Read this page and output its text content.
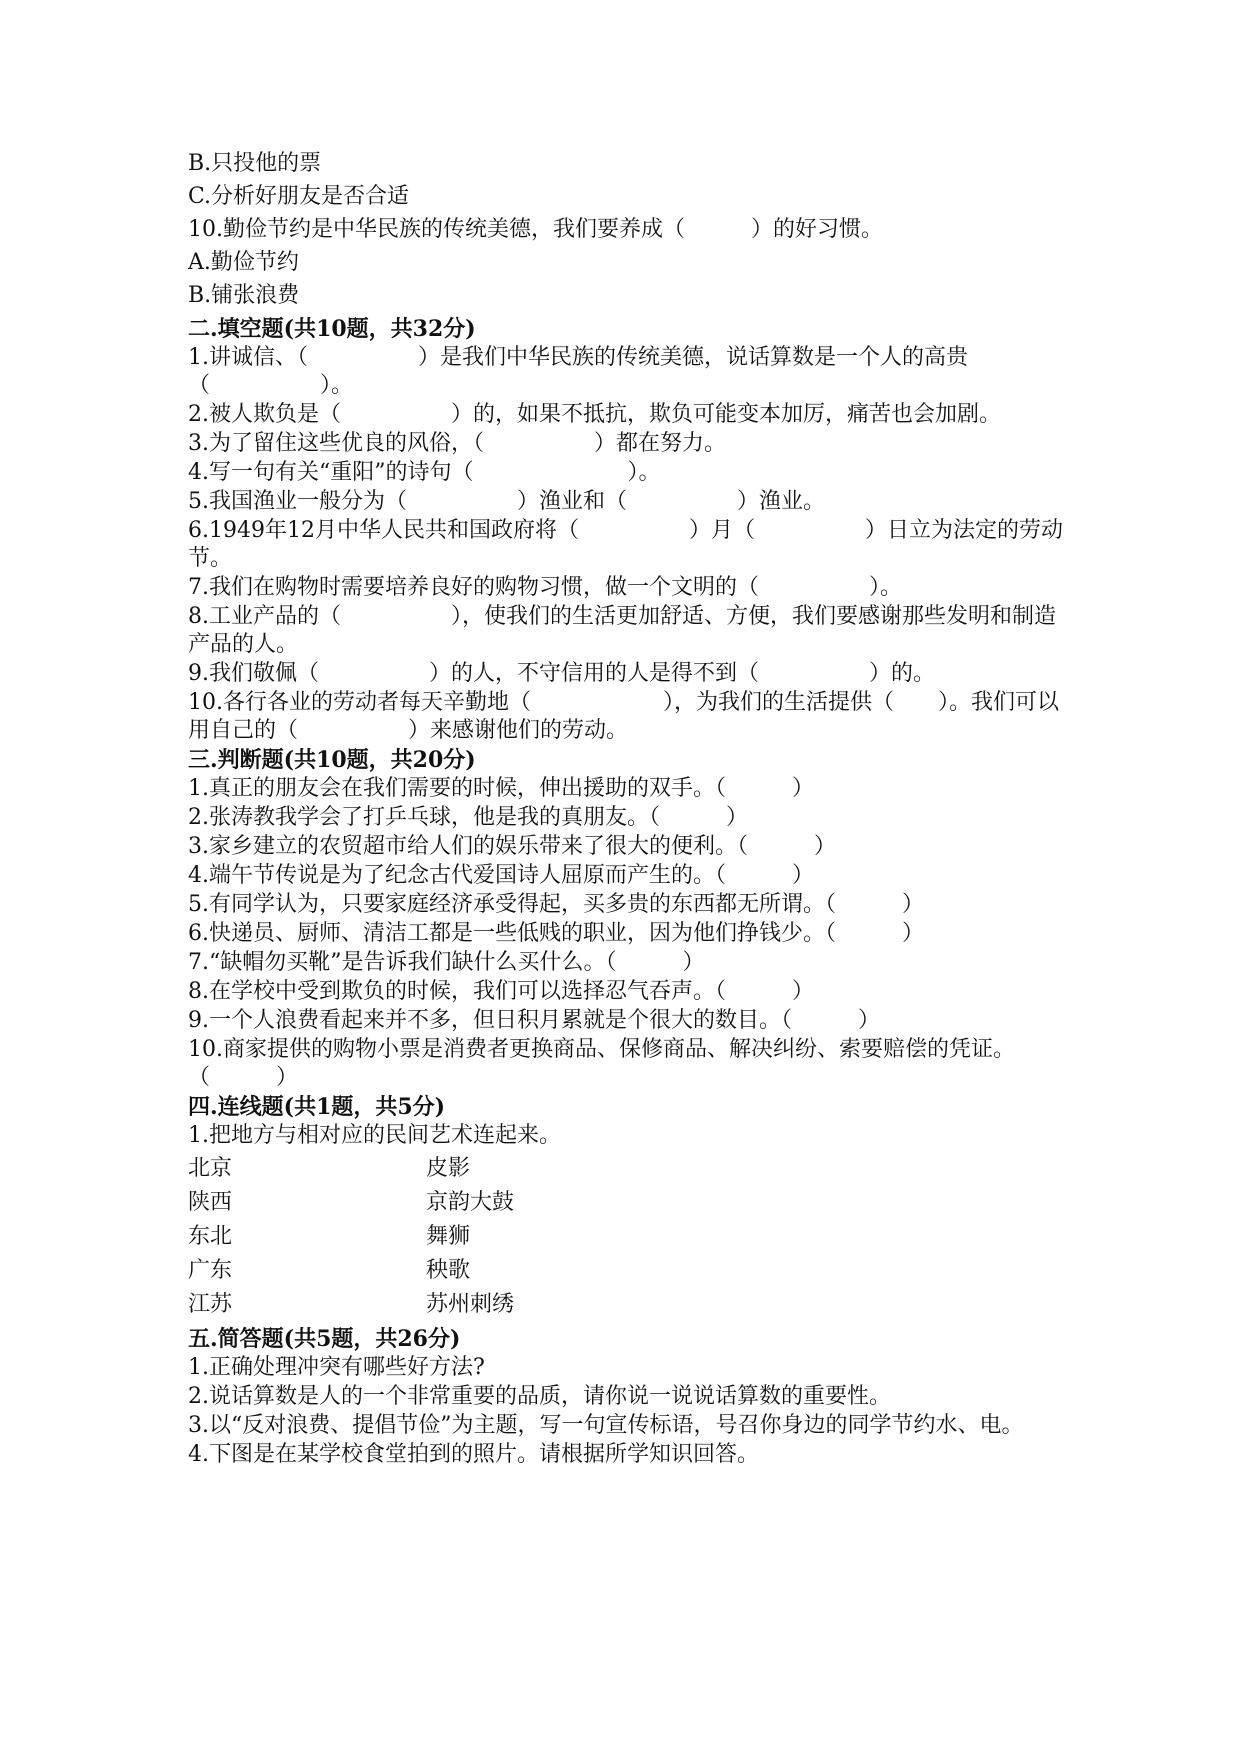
B.只投他的票
C.分析好朋友是否合适
10.勤俭节约是中华民族的传统美德，我们要养成（　　　）的好习惯。
A.勤俭节约
B.铺张浪费
二.填空题(共10题，共32分)
1.讲诚信、（　　　　　）是我们中华民族的传统美德，说话算数是一个人的高贵（　　　　　）。
2.被人欺负是（　　　　　）的，如果不抵抗，欺负可能变本加厉，痛苦也会加剧。
3.为了留住这些优良的风俗，（　　　　　）都在努力。
4.写一句有关“重阳”的诗句（　　　　　　　）。
5.我国渔业一般分为（　　　　　）渔业和（　　　　　）渔业。
6.1949年12月中华人民共和国政府将（　　　　　）月（　　　　　）日立为法定的劳动节。
7.我们在购物时需要培养良好的购物习惯，做一个文明的（　　　　　）。
8.工业产品的（　　　　　），使我们的生活更加舒适、方便，我们要感谢那些发明和制造产品的人。
9.我们敬佩（　　　　　）的人，不守信用的人是得不到（　　　　　）的。
10.各行各业的劳动者每天辛勤地（　　　　　　），为我们的生活提供（　　）。我们可以用自己的（　　　　　）来感谢他们的劳动。
三.判断题(共10题，共20分)
1.真正的朋友会在我们需要的时候，伸出援助的双手。（　　　）
2.张涛教我学会了打乒乓球，他是我的真朋友。（　　　）
3.家乡建立的农贸超市给人们的娱乐带来了很大的便利。（　　　）
4.端午节传说是为了纪念古代爱国诗人屈原而产生的。（　　　）
5.有同学认为，只要家庭经济承受得起，买多贵的东西都无所谓。（　　　）
6.快递员、厨师、清洁工都是一些低贱的职业，因为他们挣钱少。（　　　）
7.“缺帽勿买靴”是告诉我们缺什么买什么。（　　　）
8.在学校中受到欺负的时候，我们可以选择忍气吞声。（　　　）
9.一个人浪费看起来并不多，但日积月累就是个很大的数目。（　　　）
10.商家提供的购物小票是消费者更换商品、保修商品、解决纠纷、索要赔偿的凭证。（　　　）
四.连线题(共1题，共5分)
1.把地方与相对应的民间艺术连起来。
北京	皮影
陕西	京韵大鼓
东北	舞狮
广东	秧歌
江苏	苏州刺绣
五.简答题(共5题，共26分)
1.正确处理冲突有哪些好方法?
2.说话算数是人的一个非常重要的品质，请你说一说说话算数的重要性。
3.以“反对浪费、提倡节俭”为主题，写一句宣传标语，号召你身边的同学节约水、电。
4.下图是在某学校食堂拍到的照片。请根据所学知识回答。
